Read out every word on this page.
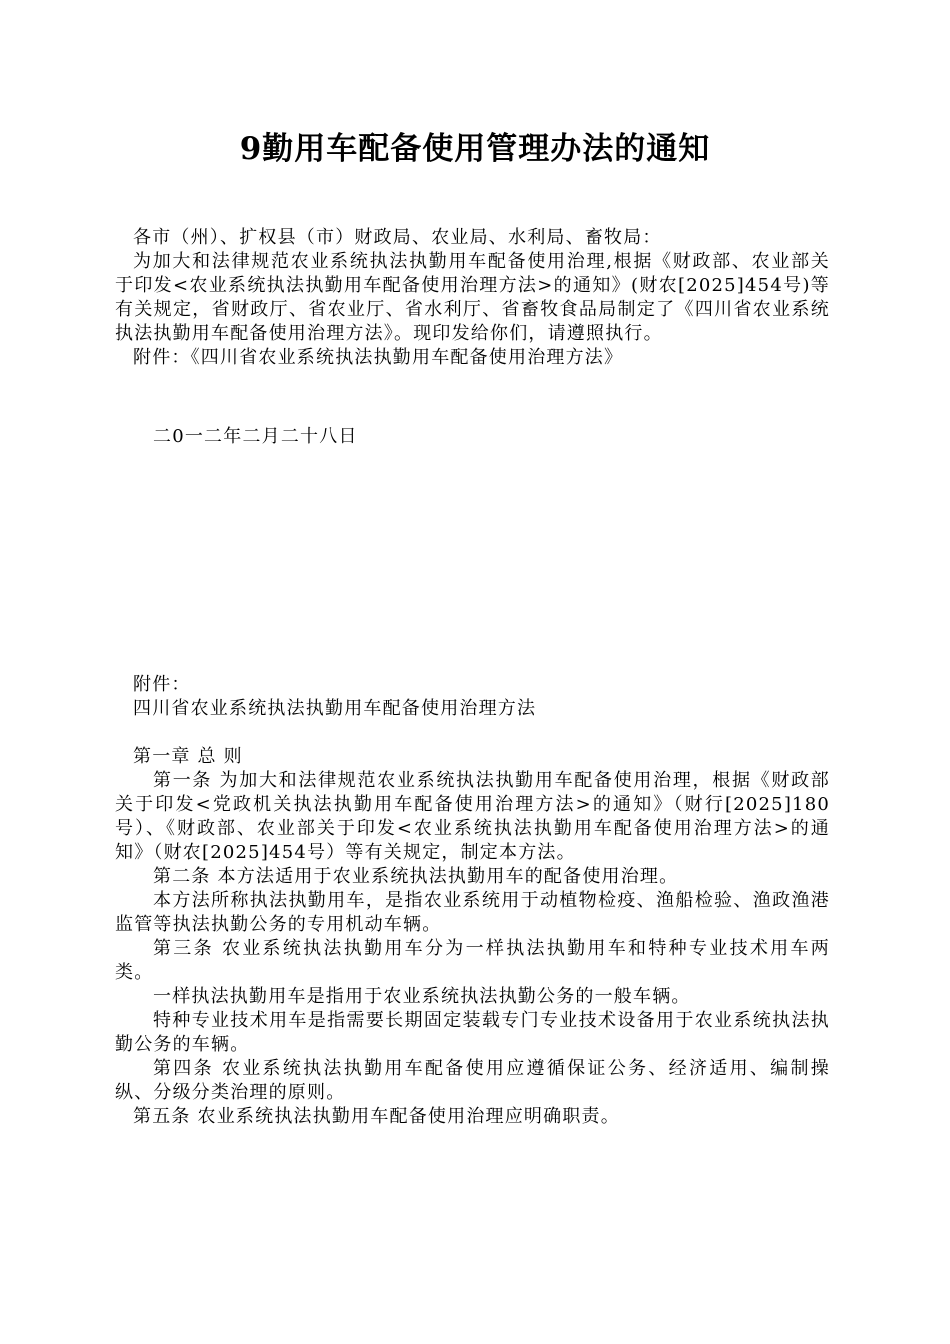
9勤用车配备使用管理办法的通知

各市（州）、扩权县（市）财政局、农业局、水利局、畜牧局：

为加大和法律规范农业系统执法执勤用车配备使用治理,根据《财政部、农业部关于印发<农业系统执法执勤用车配备使用治理方法>的通知》(财农[2025]454号)等有关规定，省财政厅、省农业厅、省水利厅、省畜牧食品局制定了《四川省农业系统执法执勤用车配备使用治理方法》。现印发给你们，请遵照执行。

附件：《四川省农业系统执法执勤用车配备使用治理方法》

二0一二年二月二十八日

附件：

四川省农业系统执法执勤用车配备使用治理方法

第一章 总 则

第一条 为加大和法律规范农业系统执法执勤用车配备使用治理，根据《财政部关于印发<党政机关执法执勤用车配备使用治理方法>的通知》（财行[2025]180号）、《财政部、农业部关于印发<农业系统执法执勤用车配备使用治理方法>的通知》（财农[2025]454号）等有关规定，制定本方法。

第二条 本方法适用于农业系统执法执勤用车的配备使用治理。

本方法所称执法执勤用车，是指农业系统用于动植物检疫、渔船检验、渔政渔港监管等执法执勤公务的专用机动车辆。

第三条 农业系统执法执勤用车分为一样执法执勤用车和特种专业技术用车两类。

一样执法执勤用车是指用于农业系统执法执勤公务的一般车辆。

特种专业技术用车是指需要长期固定装载专门专业技术设备用于农业系统执法执勤公务的车辆。

第四条 农业系统执法执勤用车配备使用应遵循保证公务、经济适用、编制操纵、分级分类治理的原则。

第五条 农业系统执法执勤用车配备使用治理应明确职责。
